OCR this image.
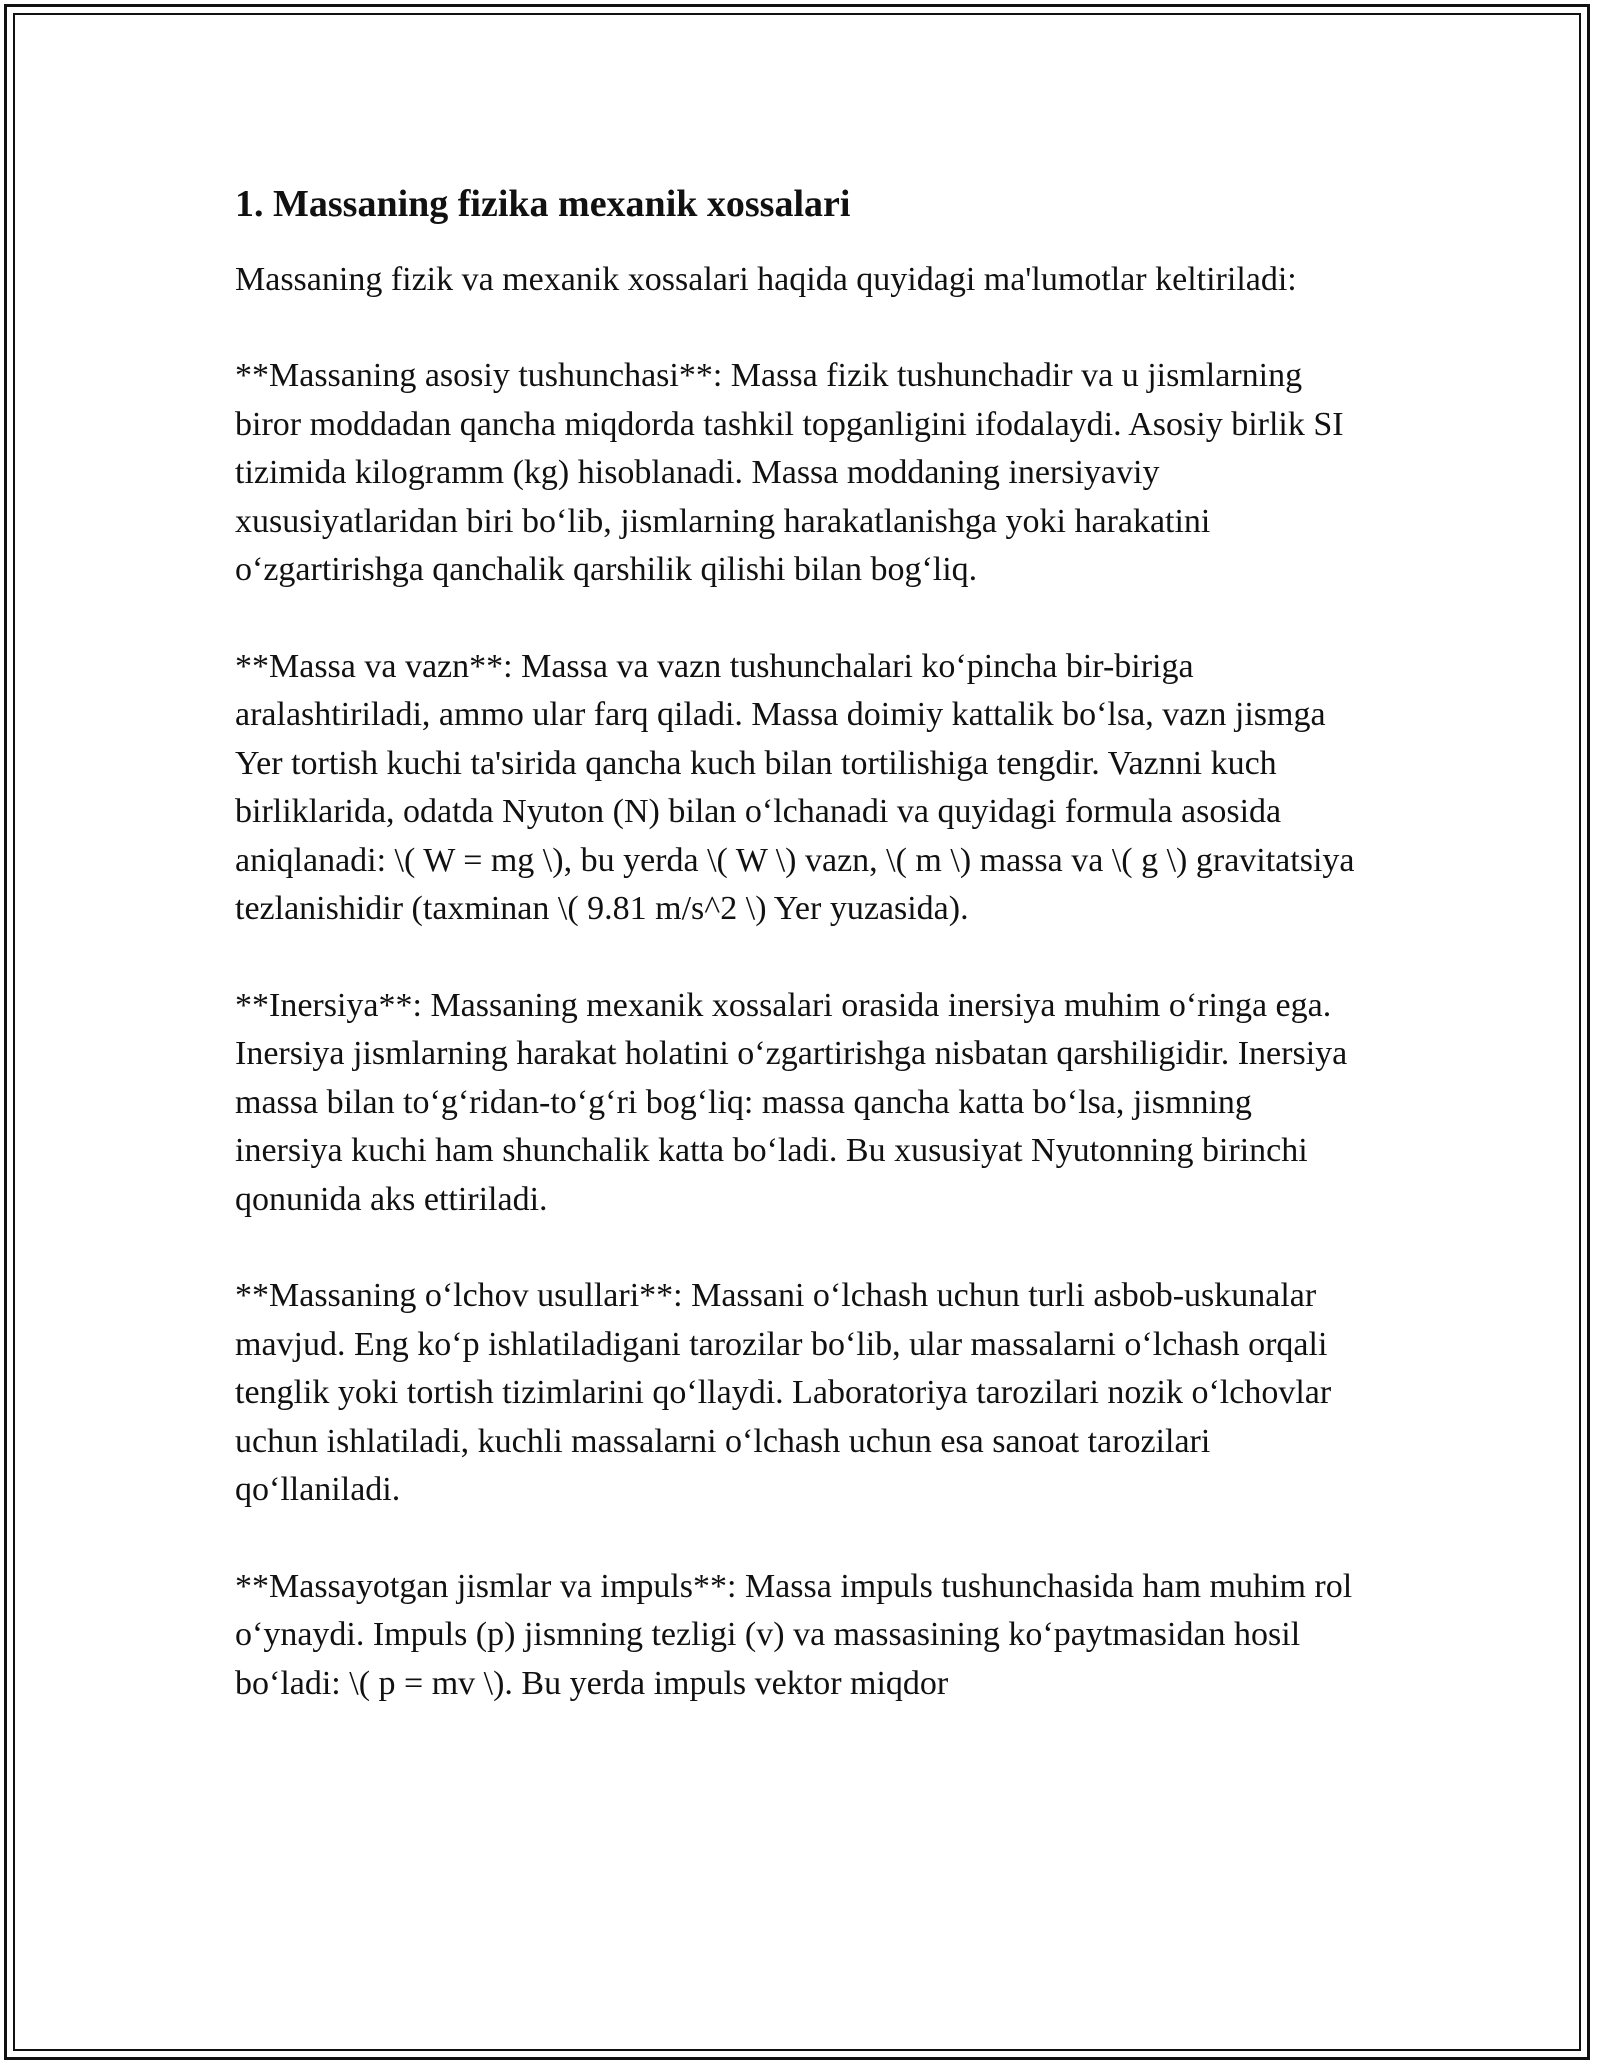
1. Massaning fizika mexanik xossalari

Massaning fizik va mexanik xossalari haqida quyidagi ma'lumotlar keltiriladi:

**Massaning asosiy tushunchasi**: Massa fizik tushunchadir va u jismlarning biror moddadan qancha miqdorda tashkil topganligini ifodalaydi. Asosiy birlik SI tizimida kilogramm (kg) hisoblanadi. Massa moddaning inersiyaviy xususiyatlaridan biri bo‘lib, jismlarning harakatlanishga yoki harakatini o‘zgartirishga qanchalik qarshilik qilishi bilan bog‘liq.

**Massa va vazn**: Massa va vazn tushunchalari ko‘pincha bir-biriga aralashtiriladi, ammo ular farq qiladi. Massa doimiy kattalik bo‘lsa, vazn jismga Yer tortish kuchi ta'sirida qancha kuch bilan tortilishiga tengdir. Vaznni kuch birliklarida, odatda Nyuton (N) bilan o‘lchanadi va quyidagi formula asosida aniqlanadi: \( W = mg \), bu yerda \( W \) vazn, \( m \) massa va \( g \) gravitatsiya tezlanishidir (taxminan \( 9.81 m/s^2 \) Yer yuzasida).

**Inersiya**: Massaning mexanik xossalari orasida inersiya muhim o‘ringa ega. Inersiya jismlarning harakat holatini o‘zgartirishga nisbatan qarshiligidir. Inersiya massa bilan to‘g‘ridan-to‘g‘ri bog‘liq: massa qancha katta bo‘lsa, jismning inersiya kuchi ham shunchalik katta bo‘ladi. Bu xususiyat Nyutonning birinchi qonunida aks ettiriladi.

**Massaning o‘lchov usullari**: Massani o‘lchash uchun turli asbob-uskunalar mavjud. Eng ko‘p ishlatiladigani tarozilar bo‘lib, ular massalarni o‘lchash orqali tenglik yoki tortish tizimlarini qo‘llaydi. Laboratoriya tarozilari nozik o‘lchovlar uchun ishlatiladi, kuchli massalarni o‘lchash uchun esa sanoat tarozilari qo‘llaniladi.

**Massayotgan jismlar va impuls**: Massa impuls tushunchasida ham muhim rol o‘ynaydi. Impuls (p) jismning tezligi (v) va massasining ko‘paytmasidan hosil bo‘ladi: \( p = mv \). Bu yerda impuls vektor miqdor
